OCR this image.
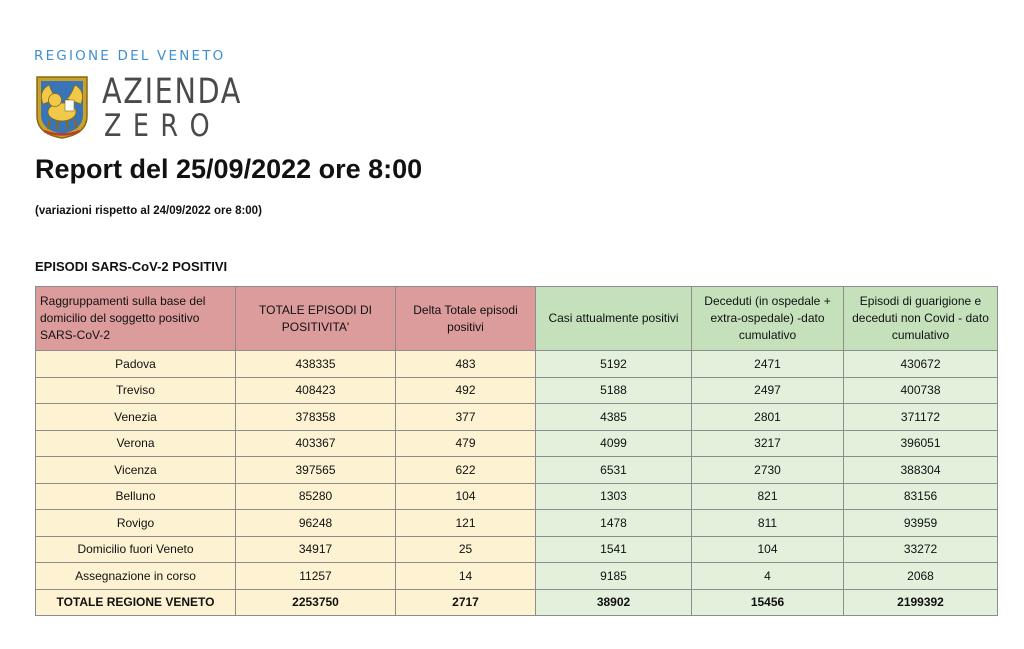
REGIONE DEL VENETO
AZIENDA
ZERO
Report del 25/09/2022 ore 8:00
(variazioni rispetto al 24/09/2022 ore 8:00)
EPISODI SARS-CoV-2 POSITIVI
Raggruppamenti sulla base del domicilio del soggetto positivo SARS-CoV-2	TOTALE EPISODI DI POSITIVITA'	Delta Totale episodi positivi	Casi attualmente positivi	Deceduti (in ospedale + extra-ospedale) -dato cumulativo	Episodi di guarigione e deceduti non Covid - dato cumulativo
Padova	438335	483	5192	2471	430672
Treviso	408423	492	5188	2497	400738
Venezia	378358	377	4385	2801	371172
Verona	403367	479	4099	3217	396051
Vicenza	397565	622	6531	2730	388304
Belluno	85280	104	1303	821	83156
Rovigo	96248	121	1478	811	93959
Domicilio fuori Veneto	34917	25	1541	104	33272
Assegnazione in corso	11257	14	9185	4	2068
TOTALE REGIONE VENETO	2253750	2717	38902	15456	2199392
